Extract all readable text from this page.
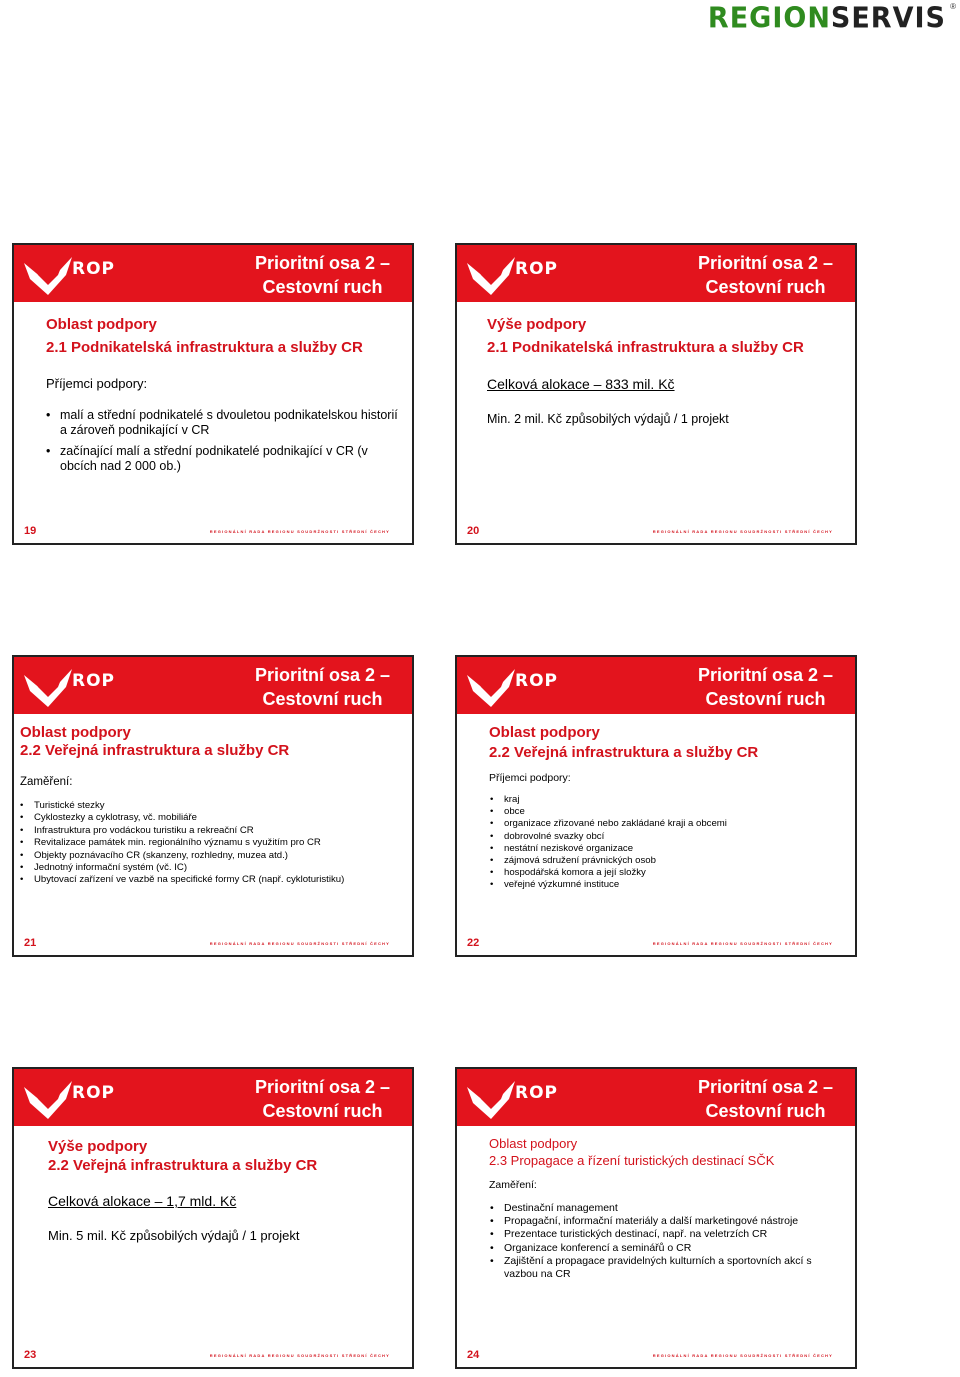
REGIONSERVIS ®
ROP	Prioritní osa 2 –
Cestovní ruch
Oblast podpory
2.1 Podnikatelská infrastruktura a služby CR
Příjemci podpory:
• malí a střední podnikatelé s dvouletou podnikatelskou historií a zároveň podnikající v CR
• začínající malí a střední podnikatelé podnikající v CR (v obcích nad 2 000 ob.)
19	REGIONÁLNÍ RADA REGIONU SOUDRŽNOSTI STŘEDNÍ ČECHY
ROP	Prioritní osa 2 –
Cestovní ruch
Výše podpory
2.1 Podnikatelská infrastruktura a služby CR
Celková alokace – 833 mil. Kč
Min. 2 mil. Kč způsobilých výdajů / 1 projekt
20	REGIONÁLNÍ RADA REGIONU SOUDRŽNOSTI STŘEDNÍ ČECHY
ROP	Prioritní osa 2 –
Cestovní ruch
Oblast podpory
2.2 Veřejná infrastruktura a služby CR
Zaměření:
• Turistické stezky
• Cyklostezky a cyklotrasy, vč. mobiliáře
• Infrastruktura pro vodáckou turistiku a rekreační CR
• Revitalizace památek min. regionálního významu s využitím pro CR
• Objekty poznávacího CR (skanzeny, rozhledny, muzea atd.)
• Jednotný informační systém (vč. IC)
• Ubytovací zařízení ve vazbě na specifické formy CR (např. cykloturistiku)
21	REGIONÁLNÍ RADA REGIONU SOUDRŽNOSTI STŘEDNÍ ČECHY
ROP	Prioritní osa 2 –
Cestovní ruch
Oblast podpory
2.2 Veřejná infrastruktura a služby CR
Příjemci podpory:
• kraj
• obce
• organizace zřizované nebo zakládané kraji a obcemi
• dobrovolné svazky obcí
• nestátní neziskové organizace
• zájmová sdružení právnických osob
• hospodářská komora a její složky
• veřejné výzkumné instituce
22	REGIONÁLNÍ RADA REGIONU SOUDRŽNOSTI STŘEDNÍ ČECHY
ROP	Prioritní osa 2 –
Cestovní ruch
Výše podpory
2.2 Veřejná infrastruktura a služby CR
Celková alokace – 1,7 mld. Kč
Min. 5 mil. Kč způsobilých výdajů / 1 projekt
23	REGIONÁLNÍ RADA REGIONU SOUDRŽNOSTI STŘEDNÍ ČECHY
ROP	Prioritní osa 2 –
Cestovní ruch
Oblast podpory
2.3 Propagace a řízení turistických destinací SČK
Zaměření:
• Destinační management
• Propagační, informační materiály a další marketingové nástroje
• Prezentace turistických destinací, např. na veletrzích CR
• Organizace konferencí a seminářů o CR
• Zajištění a propagace pravidelných kulturních a sportovních akcí s vazbou na CR
24	REGIONÁLNÍ RADA REGIONU SOUDRŽNOSTI STŘEDNÍ ČECHY
